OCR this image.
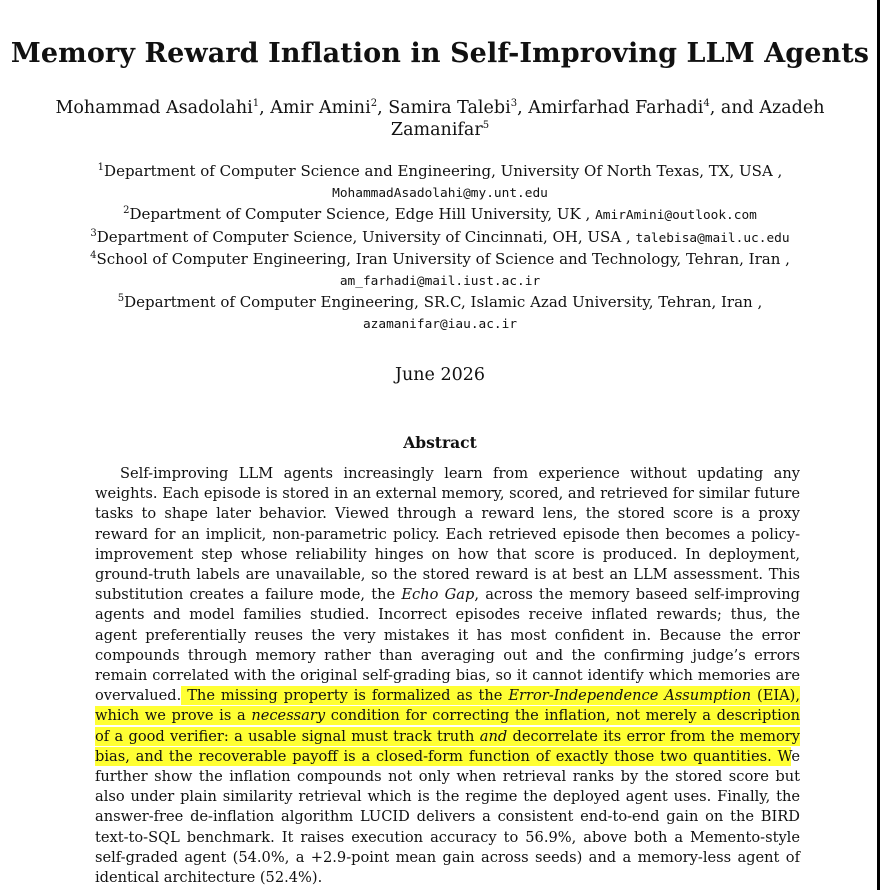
Memory Reward Inflation in Self-Improving LLM Agents
Mohammad Asadolahi$^1$, Amir Amini$^2$, Samira Talebi$^3$, Amirfarhad Farhadi$^4$, and Azadeh Zamanifar$^5$
$^1$Department of Computer Science and Engineering, University Of North Texas, TX, USA ,
MohammadAsadolahi@my.unt.edu
$^2$Department of Computer Science, Edge Hill University, UK , AmirAmini@outlook.com
$^3$Department of Computer Science, University of Cincinnati, OH, USA , talebisa@mail.uc.edu
$^4$School of Computer Engineering, Iran University of Science and Technology, Tehran, Iran ,
am_farhadi@mail.iust.ac.ir
$^5$Department of Computer Engineering, SR.C, Islamic Azad University, Tehran, Iran ,
azamanifar@iau.ac.ir
June 2026
Abstract

Self-improving LLM agents increasingly learn from experience without updating any weights. Each episode is stored in an external memory, scored, and retrieved for similar future tasks to shape later behavior. Viewed through a reward lens, the stored score is a proxy reward for an implicit, non-parametric policy. Each retrieved episode then becomes a policy-improvement step whose reliability hinges on how that score is produced. In deployment, ground-truth labels are unavailable, so the stored reward is at best an LLM assessment. This substitution creates a failure mode, the Echo Gap, across the memory baseed self-improving agents and model families studied. Incorrect episodes receive inflated rewards; thus, the agent preferentially reuses the very mistakes it has most confident in. Because the error compounds through memory rather than averaging out and the confirming judge’s errors remain correlated with the original self-grading bias, so it cannot identify which memories are overvalued. The missing property is formalized as the Error-Independence Assumption (EIA), which we prove is a necessary condition for correcting the inflation, not merely a description of a good verifier: a usable signal must track truth and decorrelate its error from the memory bias, and the recoverable payoff is a closed-form function of exactly those two quantities. We further show the inflation compounds not only when retrieval ranks by the stored score but also under plain similarity retrieval which is the regime the deployed agent uses. Finally, the answer-free de-inflation algorithm LUCID delivers a consistent end-to-end gain on the BIRD text-to-SQL benchmark. It raises execution accuracy to 56.9%, above both a Memento-style self-graded agent (54.0%, a +2.9-point mean gain across seeds) and a memory-less agent of identical architecture (52.4%).
